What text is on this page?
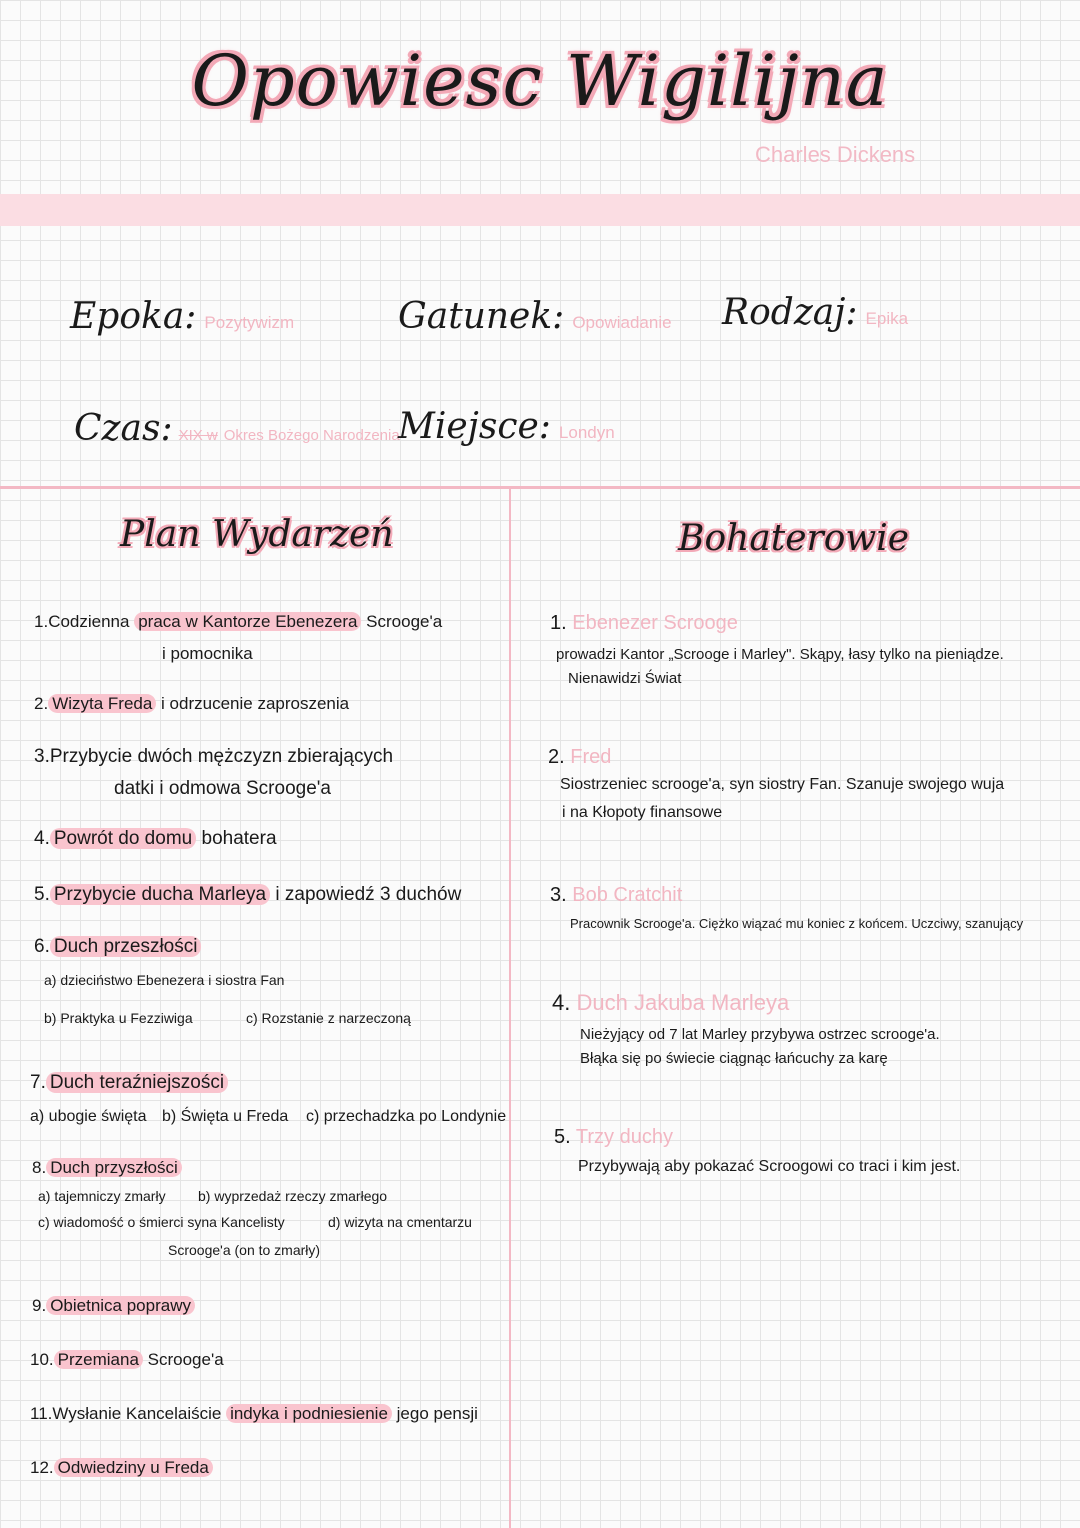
Opowiesc Wigilijna
Charles Dickens
Epoka: Pozytywizm	Gatunek: Opowiadanie Rodzaj: Epika
Czas: XIX w Okres Bożego Narodzenia
Miejsce: Londyn
Plan Wydarzeń	Bohaterowie
1.Codzienna praca w Kantorze Ebenezera Scrooge'a
i pomocnika
2. Wizyta Freda i odrzucenie zaproszenia
3.Przybycie dwóch mężczyzn zbierających
datki i odmowa Scrooge'a
4. Powrót do domu bohatera
5. Przybycie ducha Marleya i zapowiedź 3 duchów
6. Duch przeszłości
a) dzieciństwo Ebenezera i siostra Fan
b) Praktyka u Fezziwiga	c) Rozstanie z narzeczoną
7. Duch teraźniejszości
a) ubogie święta b) Święta u Freda c) przechadzka po Londynie
8. Duch przyszłości
a) tajemniczy zmarły b) wyprzedaż rzeczy zmarłego
c) wiadomość o śmierci syna Kancelisty	d) wizyta na cmentarzu
Scrooge'a (on to zmarły)
9. Obietnica poprawy
10. Przemiana Scrooge'a
11.Wysłanie Kancelaiście indyka i podniesienie jego pensji
12. Odwiedziny u Freda
1. Ebenezer Scrooge
prowadzi Kantor „Scrooge i Marley". Skąpy, łasy tylko na pieniądze.
Nienawidzi Świat
2. Fred
Siostrzeniec scrooge'a, syn siostry Fan. Szanuje swojego wuja
i na Kłopoty finansowe
3. Bob Cratchit
Pracownik Scrooge'a. Ciężko wiązać mu koniec z końcem. Uczciwy, szanujący
4. Duch Jakuba Marleya
Nieżyjący od 7 lat Marley przybywa ostrzec scrooge'a.
Błąka się po świecie ciągnąc łańcuchy za karę
5. Trzy duchy
Przybywają aby pokazać Scroogowi co traci i kim jest.
